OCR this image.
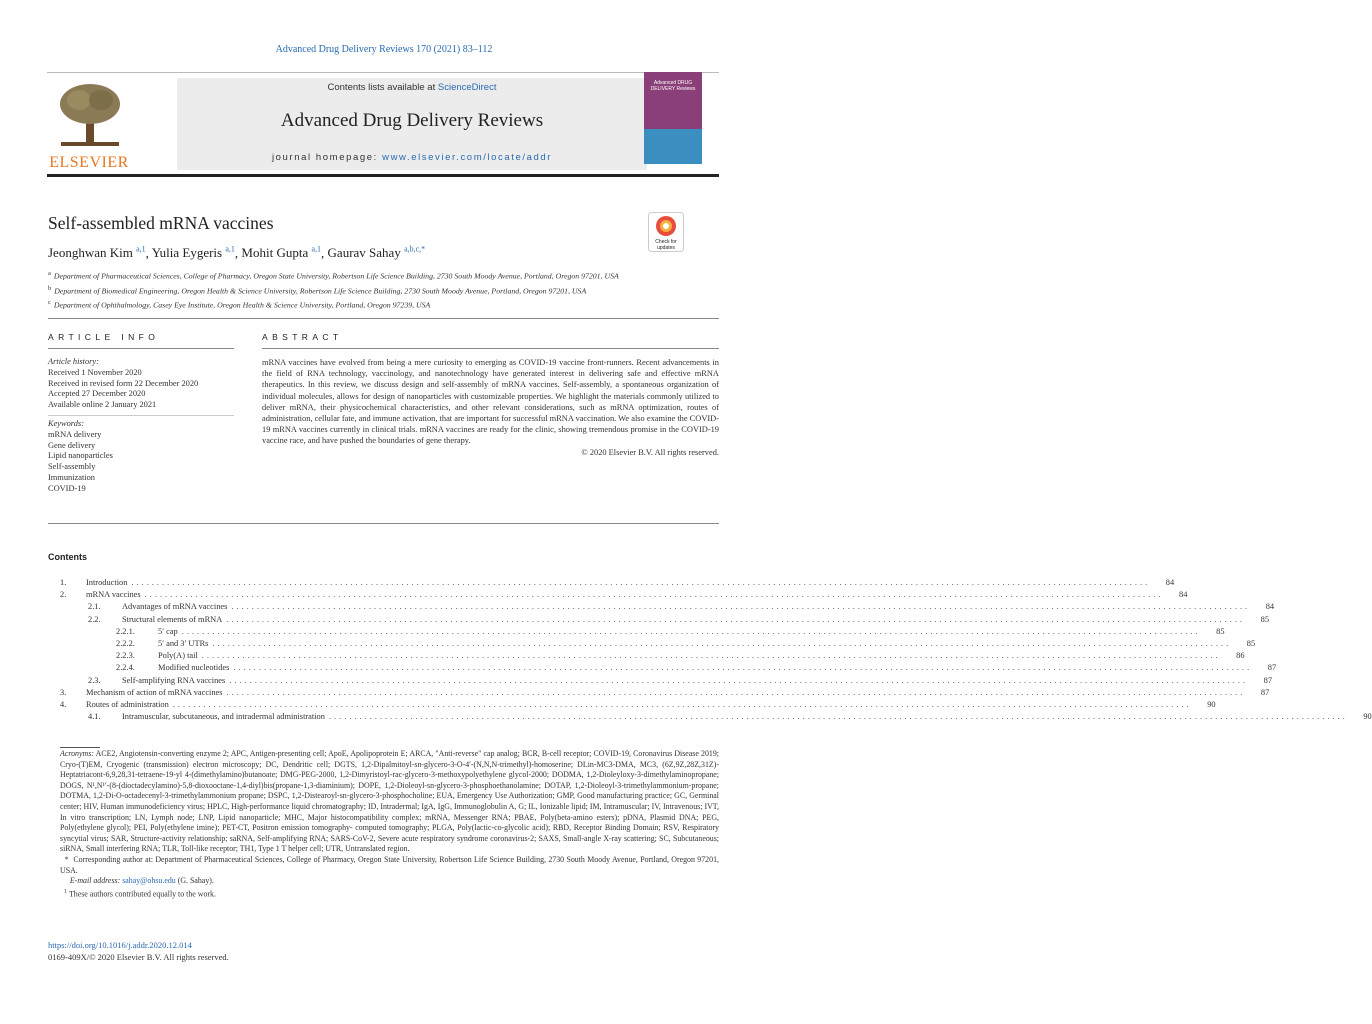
Advanced Drug Delivery Reviews 170 (2021) 83–112
ELSEVIER
Contents lists available at ScienceDirect
Advanced Drug Delivery Reviews
journal homepage: www.elsevier.com/locate/addr
Advanced DRUG DELIVERY Reviews
Self-assembled mRNA vaccines
Check for updates
Jeonghwan Kim $^{a,1}$, Yulia Eygeris $^{a,1}$, Mohit Gupta $^{a,1}$, Gaurav Sahay $^{a,b,c,*}$
$^a$ Department of Pharmaceutical Sciences, College of Pharmacy, Oregon State University, Robertson Life Science Building, 2730 South Moody Avenue, Portland, Oregon 97201, USA
$^b$ Department of Biomedical Engineering, Oregon Health & Science University, Robertson Life Science Building, 2730 South Moody Avenue, Portland, Oregon 97201, USA
$^c$ Department of Ophthalmology, Casey Eye Institute, Oregon Health & Science University, Portland, Oregon 97239, USA
ARTICLE INFO	ABSTRACT
Article history:
Received 1 November 2020
Received in revised form 22 December 2020
Accepted 27 December 2020
Available online 2 January 2021
Keywords:
mRNA delivery
Gene delivery
Lipid nanoparticles
Self-assembly
Immunization
COVID-19
mRNA vaccines have evolved from being a mere curiosity to emerging as COVID-19 vaccine front-runners. Recent advancements in the field of RNA technology, vaccinology, and nanotechnology have generated interest in delivering safe and effective mRNA therapeutics. In this review, we discuss design and self-assembly of mRNA vaccines. Self-assembly, a spontaneous organization of individual molecules, allows for design of nanoparticles with customizable properties. We highlight the materials commonly utilized to deliver mRNA, their physicochemical characteristics, and other relevant considerations, such as mRNA optimization, routes of administration, cellular fate, and immune activation, that are important for successful mRNA vaccination. We also examine the COVID-19 mRNA vaccines currently in clinical trials. mRNA vaccines are ready for the clinic, showing tremendous promise in the COVID-19 vaccine race, and have pushed the boundaries of gene therapy.
© 2020 Elsevier B.V. All rights reserved.
Contents
1.	Introduction ........................................................................................................................................................................................................	84
2.	mRNA vaccines ........................................................................................................................................................................................................	84
2.1.	Advantages of mRNA vaccines ........................................................................................................................................................................................................	84
2.2.	Structural elements of mRNA ........................................................................................................................................................................................................	85
2.2.1.	5′ cap ........................................................................................................................................................................................................	85
2.2.2.	5′ and 3′ UTRs ........................................................................................................................................................................................................	85
2.2.3.	Poly(A) tail ........................................................................................................................................................................................................	86
2.2.4.	Modified nucleotides ........................................................................................................................................................................................................	87
2.3.	Self-amplifying RNA vaccines ........................................................................................................................................................................................................	87
3.	Mechanism of action of mRNA vaccines ........................................................................................................................................................................................................	87
4.	Routes of administration ........................................................................................................................................................................................................	90
4.1.	Intramuscular, subcutaneous, and intradermal administration ........................................................................................................................................................................................................	90
Acronyms: ACE2, Angiotensin-converting enzyme 2; APC, Antigen-presenting cell; ApoE, Apolipoprotein E; ARCA, "Anti-reverse" cap analog; BCR, B-cell receptor; COVID-19, Coronavirus Disease 2019; Cryo-(T)EM, Cryogenic (transmission) electron microscopy; DC, Dendritic cell; DGTS, 1,2-Dipalmitoyl-sn-glycero-3-O-4′-(N,N,N-trimethyl)-homoserine; DLin-MC3-DMA, MC3, (6Z,9Z,28Z,31Z)-Heptatriacont-6,9,28,31-tetraene-19-yl 4-(dimethylamino)butanoate; DMG-PEG-2000, 1,2-Dimyristoyl-rac-glycero-3-methoxypolyethylene glycol-2000; DODMA, 1,2-Dioleyloxy-3-dimethylaminopropane; DOGS, N¹,N¹′-(8-(dioctadecylamino)-5,8-dioxooctane-1,4-diyl)bis(propane-1,3-diaminium); DOPE, 1,2-Dioleoyl-sn-glycero-3-phosphoethanolamine; DOTAP, 1,2-Dioleoyl-3-trimethylammonium-propane; DOTMA, 1,2-Di-O-octadecenyl-3-trimethylammonium propane; DSPC, 1,2-Distearoyl-sn-glycero-3-phosphocholine; EUA, Emergency Use Authorization; GMP, Good manufacturing practice; GC, Germinal center; HIV, Human immunodeficiency virus; HPLC, High-performance liquid chromatography; ID, Intradermal; IgA, IgG, Immunoglobulin A, G; IL, Ionizable lipid; IM, Intramuscular; IV, Intravenous; IVT, In vitro transcription; LN, Lymph node; LNP, Lipid nanoparticle; MHC, Major histocompatibility complex; mRNA, Messenger RNA; PBAE, Poly(beta-amino esters); pDNA, Plasmid DNA; PEG, Poly(ethylene glycol); PEI, Poly(ethylene imine); PET-CT, Positron emission tomography- computed tomography; PLGA, Poly(lactic-co-glycolic acid); RBD, Receptor Binding Domain; RSV, Respiratory syncytial virus; SAR, Structure-activity relationship; saRNA, Self-amplifying RNA; SARS-CoV-2, Severe acute respiratory syndrome coronavirus-2; SAXS, Small-angle X-ray scattering; SC, Subcutaneous; siRNA, Small interfering RNA; TLR, Toll-like receptor; TH1, Type 1 T helper cell; UTR, Untranslated region.
*  Corresponding author at: Department of Pharmaceutical Sciences, College of Pharmacy, Oregon State University, Robertson Life Science Building, 2730 South Moody Avenue, Portland, Oregon 97201, USA.
E-mail address: sahay@ohsu.edu (G. Sahay).
$^1$ These authors contributed equally to the work.
https://doi.org/10.1016/j.addr.2020.12.014
0169-409X/© 2020 Elsevier B.V. All rights reserved.
